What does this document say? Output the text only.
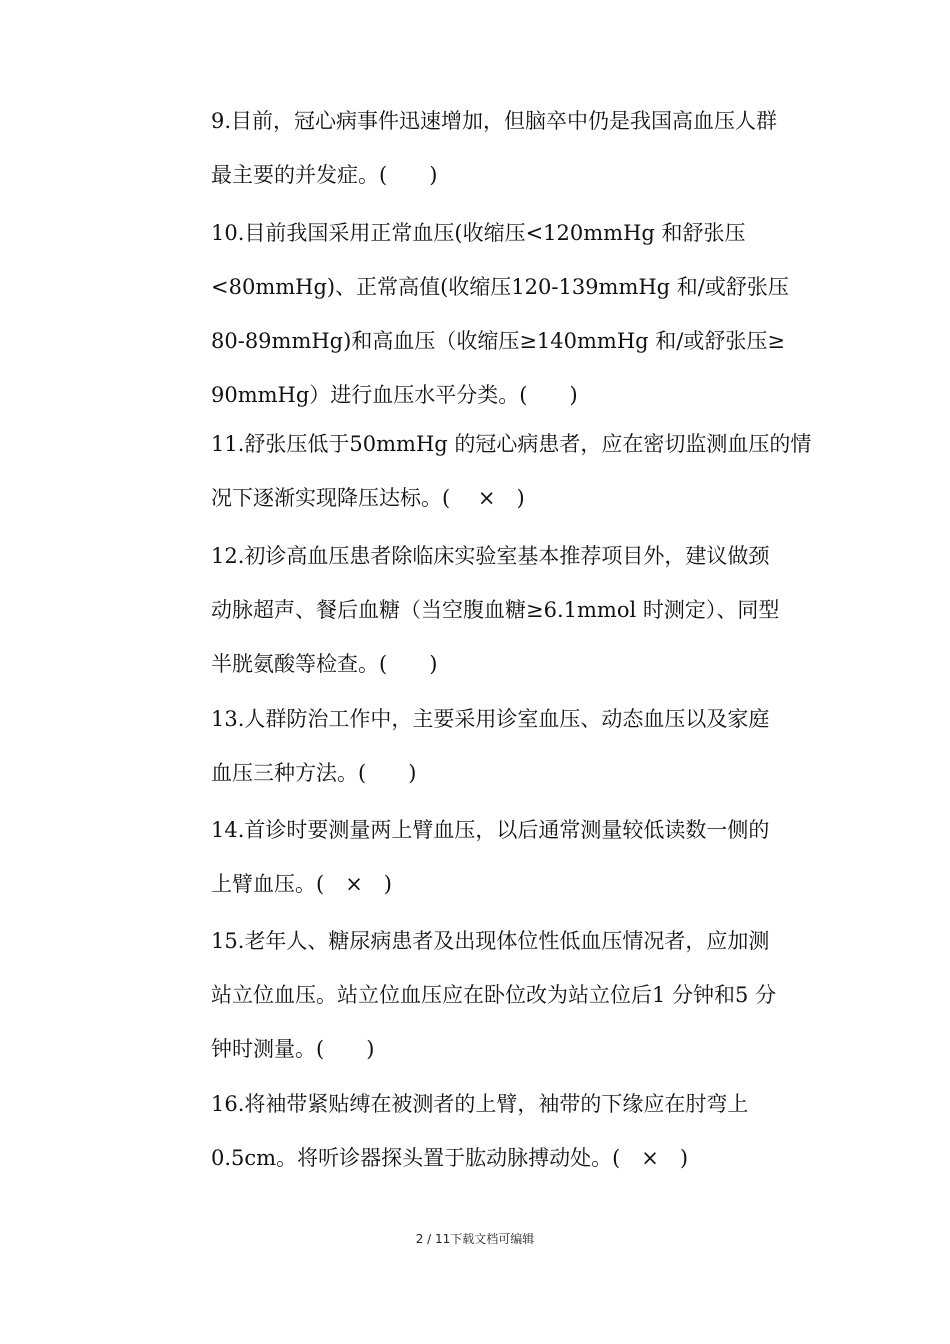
9.目前，冠心病事件迅速增加，但脑卒中仍是我国高血压人群
最主要的并发症。(　　)
10.目前我国采用正常血压(收缩压<120mmHg 和舒张压
<80mmHg)、正常高值(收缩压120-139mmHg 和/或舒张压
80-89mmHg)和高血压（收缩压≥140mmHg 和/或舒张压≥
90mmHg）进行血压水平分类。(　　)
11.舒张压低于50mmHg 的冠心病患者，应在密切监测血压的情
况下逐渐实现降压达标。(　 ×　)
12.初诊高血压患者除临床实验室基本推荐项目外，建议做颈
动脉超声、餐后血糖（当空腹血糖≥6.1mmol 时测定）、同型
半胱氨酸等检查。(　　)
13.人群防治工作中，主要采用诊室血压、动态血压以及家庭
血压三种方法。(　　)
14.首诊时要测量两上臂血压，以后通常测量较低读数一侧的
上臂血压。(　×　)
15.老年人、糖尿病患者及出现体位性低血压情况者，应加测
站立位血压。站立位血压应在卧位改为站立位后1 分钟和5 分
钟时测量。(　　)
16.将袖带紧贴缚在被测者的上臂，袖带的下缘应在肘弯上
0.5cm。将听诊器探头置于肱动脉搏动处。(　×　)
2 / 11下载文档可编辑
